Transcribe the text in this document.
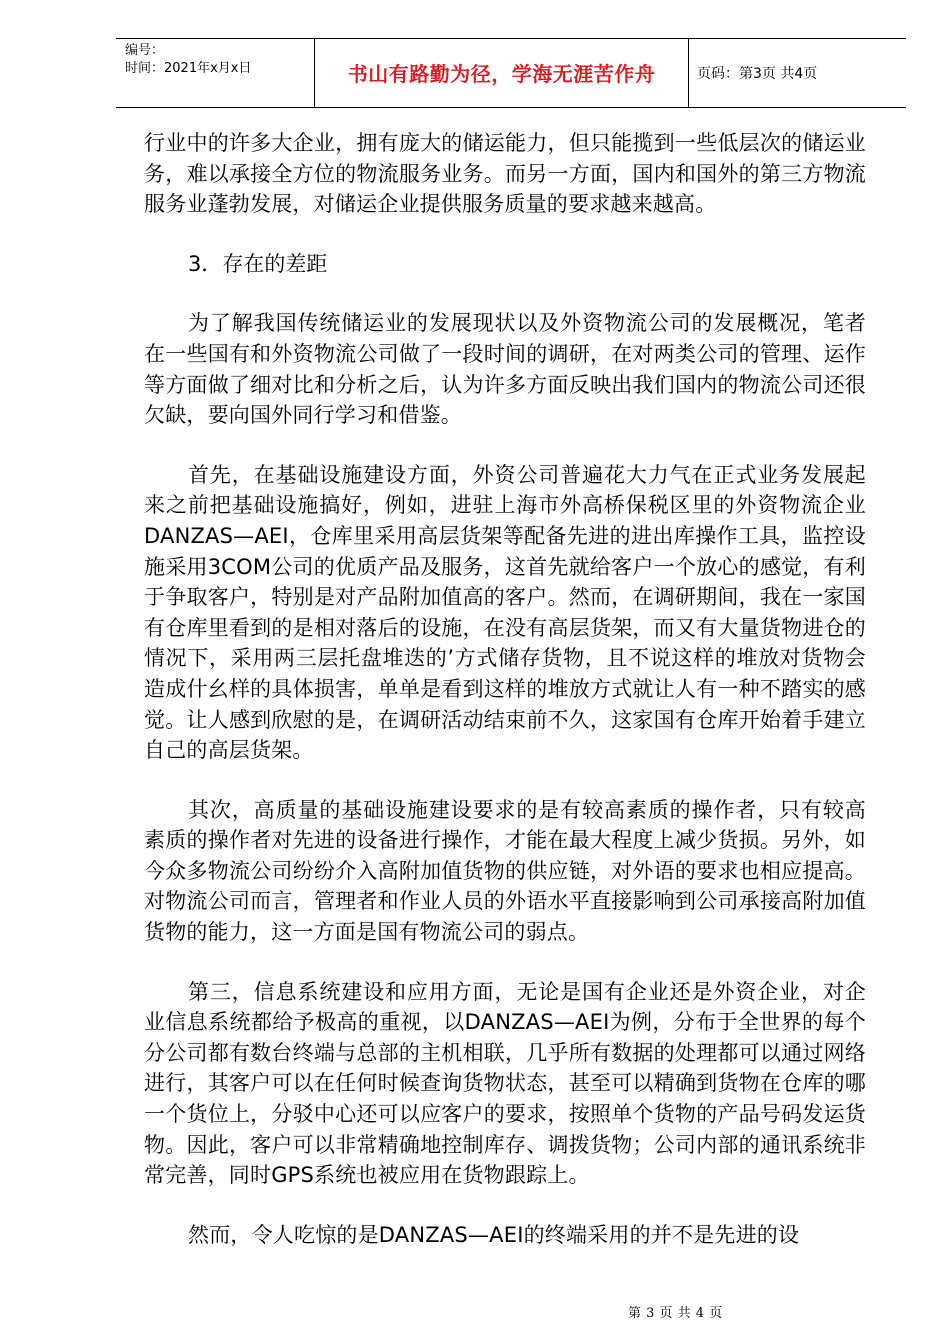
编号：
时间：2021年x月x日	书山有路勤为径，学海无涯苦作舟	页码：第3页 共4页

行业中的许多大企业，拥有庞大的储运能力，但只能揽到一些低层次的储运业务，难以承接全方位的物流服务业务。而另一方面，国内和国外的第三方物流服务业蓬勃发展，对储运企业提供服务质量的要求越来越高。

3．存在的差距

为了解我国传统储运业的发展现状以及外资物流公司的发展概况，笔者在一些国有和外资物流公司做了一段时间的调研，在对两类公司的管理、运作等方面做了细对比和分析之后，认为许多方面反映出我们国内的物流公司还很欠缺，要向国外同行学习和借鉴。

首先，在基础设施建设方面，外资公司普遍花大力气在正式业务发展起来之前把基础设施搞好，例如，进驻上海市外高桥保税区里的外资物流企业DANZAS—AEI，仓库里采用高层货架等配备先进的进出库操作工具，监控设施采用3COM公司的优质产品及服务，这首先就给客户一个放心的感觉，有利于争取客户，特别是对产品附加值高的客户。然而，在调研期间，我在一家国有仓库里看到的是相对落后的设施，在没有高层货架，而又有大量货物进仓的情况下，采用两三层托盘堆迭的’方式储存货物，且不说这样的堆放对货物会造成什幺样的具体损害，单单是看到这样的堆放方式就让人有一种不踏实的感觉。让人感到欣慰的是，在调研活动结束前不久，这家国有仓库开始着手建立自己的高层货架。

其次，高质量的基础设施建设要求的是有较高素质的操作者，只有较高素质的操作者对先进的设备进行操作，才能在最大程度上减少货损。另外，如今众多物流公司纷纷介入高附加值货物的供应链，对外语的要求也相应提高。对物流公司而言，管理者和作业人员的外语水平直接影响到公司承接高附加值货物的能力，这一方面是国有物流公司的弱点。

第三，信息系统建设和应用方面，无论是国有企业还是外资企业，对企业信息系统都给予极高的重视，以DANZAS—AEI为例，分布于全世界的每个分公司都有数台终端与总部的主机相联，几乎所有数据的处理都可以通过网络进行，其客户可以在任何时候查询货物状态，甚至可以精确到货物在仓库的哪一个货位上，分驳中心还可以应客户的要求，按照单个货物的产品号码发运货物。因此，客户可以非常精确地控制库存、调拨货物；公司内部的通讯系统非常完善，同时GPS系统也被应用在货物跟踪上。

然而，令人吃惊的是DANZAS—AEI的终端采用的并不是先进的设

第 3 页 共 4 页
